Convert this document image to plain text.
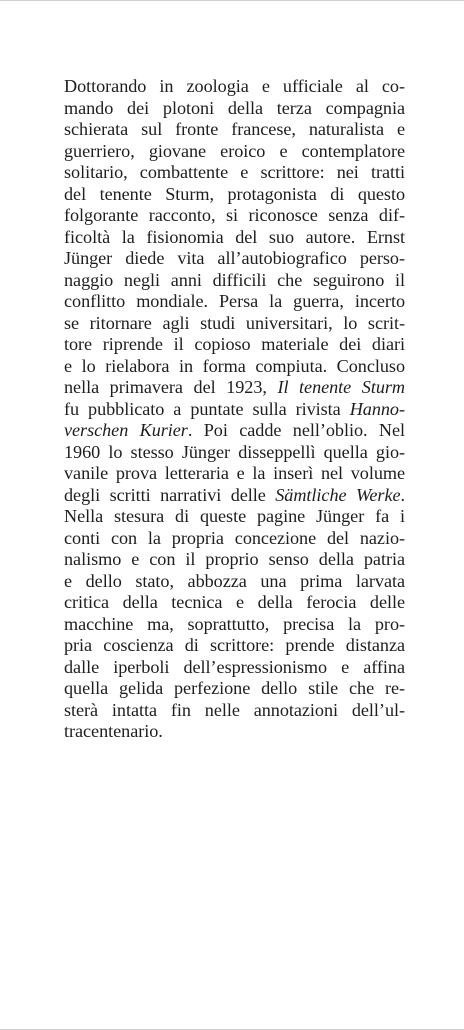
Dottorando in zoologia e ufficiale al co-
mando dei plotoni della terza compagnia
schierata sul fronte francese, naturalista e
guerriero, giovane eroico e contemplatore
solitario, combattente e scrittore: nei tratti
del tenente Sturm, protagonista di questo
folgorante racconto, si riconosce senza dif-
ficoltà la fisionomia del suo autore. Ernst
Jünger diede vita all’autobiografico perso-
naggio negli anni difficili che seguirono il
conflitto mondiale. Persa la guerra, incerto
se ritornare agli studi universitari, lo scrit-
tore riprende il copioso materiale dei diari
e lo rielabora in forma compiuta. Concluso
nella primavera del 1923, Il tenente Sturm
fu pubblicato a puntate sulla rivista Hanno-
verschen Kurier. Poi cadde nell’oblio. Nel
1960 lo stesso Jünger disseppellì quella gio-
vanile prova letteraria e la inserì nel volume
degli scritti narrativi delle Sämtliche Werke.
Nella stesura di queste pagine Jünger fa i
conti con la propria concezione del nazio-
nalismo e con il proprio senso della patria
e dello stato, abbozza una prima larvata
critica della tecnica e della ferocia delle
macchine ma, soprattutto, precisa la pro-
pria coscienza di scrittore: prende distanza
dalle iperboli dell’espressionismo e affina
quella gelida perfezione dello stile che re-
sterà intatta fin nelle annotazioni dell’ul-
tracentenario.
